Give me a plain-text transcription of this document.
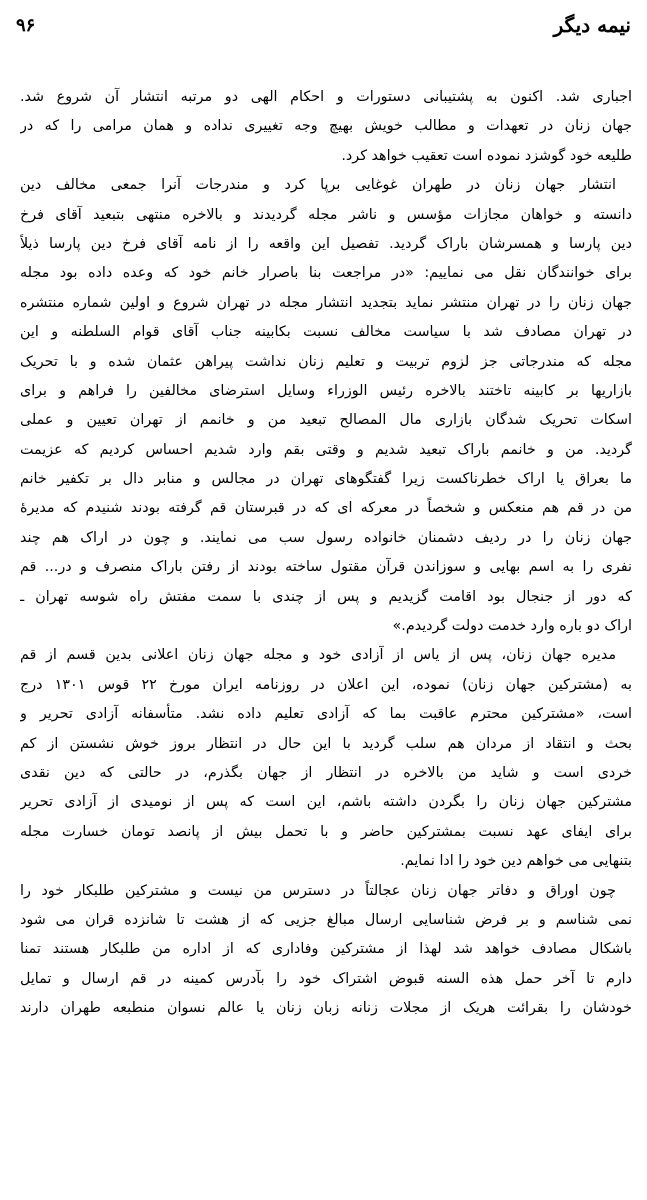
نیمه دیگر
۹۶
اجباری شد. اکنون به پشتیبانی دستورات و احکام الهی دو مرتبه انتشار آن شروع شد.
جهان زنان در تعهدات و مطالب خویش بهیچ وجه تغییری نداده و همان مرامی را که در
طلیعه خود گوشزد نموده است تعقیب خواهد کرد.
انتشار جهان زنان در طهران غوغایی برپا کرد و مندرجات آنرا جمعی مخالف دین
دانسته و خواهان مجازات مؤسس و ناشر مجله گردیدند و بالاخره منتهی بتبعید آقای فرخ
دین پارسا و همسرشان باراک گردید. تفصیل این واقعه را از نامه آقای فرخ دین پارسا ذیلاً
برای خوانندگان نقل می نماییم: «در مراجعت بنا باصرار خانم خود که وعده داده بود مجله
جهان زنان را در تهران منتشر نماید بتجدید انتشار مجله در تهران شروع و اولین شماره منتشره
در تهران مصادف شد با سیاست مخالف نسبت بکابینه جناب آقای قوام السلطنه و این
مجله که مندرجاتی جز لزوم تربیت و تعلیم زنان نداشت پیراهن عثمان شده و با تحریک
بازاریها بر کابینه تاختند بالاخره رئیس الوزراء وسایل استرضای مخالفین را فراهم و برای
اسکات تحریک شدگان بازاری مال المصالح تبعید من و خانمم از تهران تعیین و عملی
گردید. من و خانمم باراک تبعید شدیم و وقتی بقم وارد شدیم احساس کردیم که عزیمت
ما بعراق یا اراک خطرناکست زیرا گفتگوهای تهران در مجالس و منابر دال بر تکفیر خانم
من در قم هم منعکس و شخصاً در معرکه ای که در قبرستان قم گرفته بودند شنیدم که مدیرهٔ
جهان زنان را در ردیف دشمنان خانواده رسول سب می نمایند. و چون در اراک هم چند
نفری را به اسم بهایی و سوزاندن قرآن مقتول ساخته بودند از رفتن باراک منصرف و در... قم
که دور از جنجال بود اقامت گزیدیم و پس از چندی با سمت مفتش راه شوسه تهران ـ
اراک دو باره وارد خدمت دولت گردیدم.»
مدیره جهان زنان، پس از یاس از آزادی خود و مجله جهان زنان اعلانی بدین قسم از قم
به (مشترکین جهان زنان) نموده، این اعلان در روزنامه ایران مورخ ۲۲ قوس ۱۳۰۱ درج
است، «مشترکین محترم عاقبت بما که آزادی تعلیم داده نشد. متأسفانه آزادی تحریر و
بحث و انتقاد از مردان هم سلب گردید با این حال در انتظار بروز خوش نشستن از کم
خردی است و شاید من بالاخره در انتظار از جهان بگذرم، در حالتی که دین نقدی
مشترکین جهان زنان را بگردن داشته باشم، این است که پس از نومیدی از آزادی تحریر
برای ایفای عهد نسبت بمشترکین حاضر و با تحمل بیش از پانصد تومان خسارت مجله
بتنهایی می خواهم دین خود را ادا نمایم.
چون اوراق و دفاتر جهان زنان عجالتاً در دسترس من نیست و مشترکین طلبکار خود را
نمی شناسم و بر فرض شناسایی ارسال مبالغ جزیی که از هشت تا شانزده قران می شود
باشکال مصادف خواهد شد لهذا از مشترکین وفاداری که از اداره من طلبکار هستند تمنا
دارم تا آخر حمل هذه السنه قبوض اشتراک خود را بآدرس کمینه در قم ارسال و تمایل
خودشان را بقرائت هریک از مجلات زنانه زبان زنان یا عالم نسوان منطبعه طهران دارند
